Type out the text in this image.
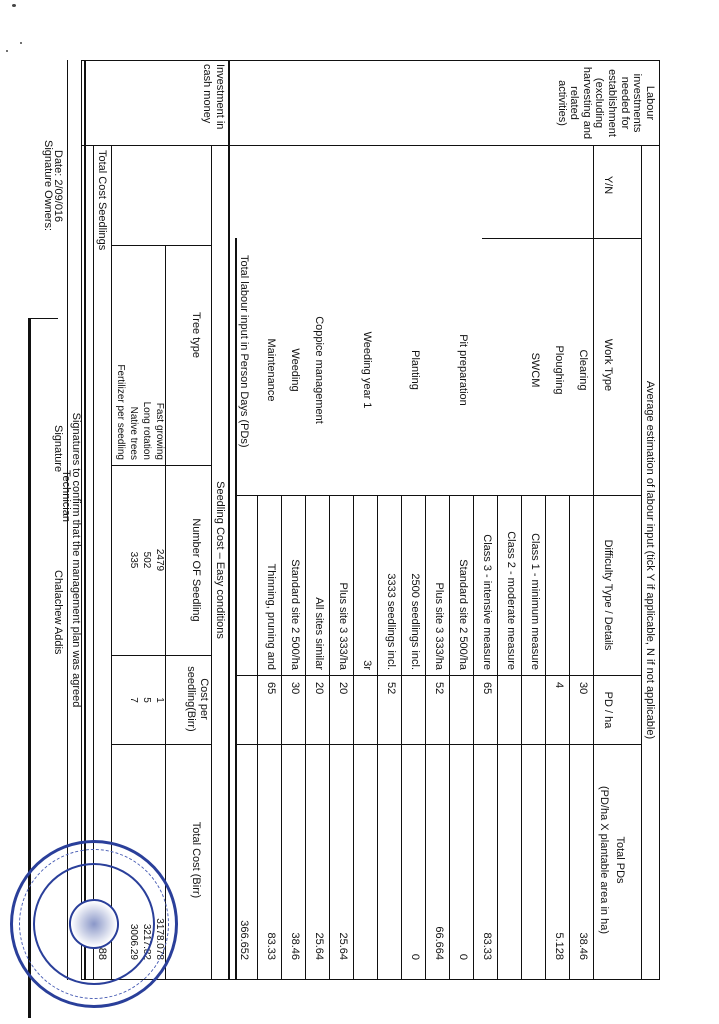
Labour investments needed for establishment (excluding harvesting and related activities)
Average estimation of labour input (tick Y if applicable, N if not applicable)
Y/N
Work Type
Difficulty Type / Details
PD / ha
Total PDs
(PD/ha X plantable area in ha)
Clearing
30
38.46
Ploughing
4
5.128
SWCM
Class 1 - minimum measure
Class 2 - moderate measure
Class 3 - intensive measure
65
83.33
Pit preparation
Standard site 2 500/ha
0
Plus site 3 333/ha
52
66.664
Planting
2500 seedlings incl.
0
3333 seedlings incl.
52
Weeding year 1
3r
Plus site 3 333/ha
20
25.64
Coppice management
All sites similar
20
25.64
Weeding
Standard site 2 500/ha
30
38.46
Maintenance
Thinning, pruning and
65
83.33
Total labour input in Person Days (PDs)
366.652
Investment in cash money
Seedling Cost – Easy conditions
Tree type
Number OF Seedling
Cost per seedling(Birr)
Total Cost (Birr)
Fast growing
2479
1
3178.078
Long rotation
502
5
3217.82
Native trees
335
7
3006.29
Fertilizer per seedling
Total Cost Seedlings
Signatures to confirm that the management plan was agreed
Date: 2/09/016
Signature
Chalachew Addis
Technician
Signature Owners:
